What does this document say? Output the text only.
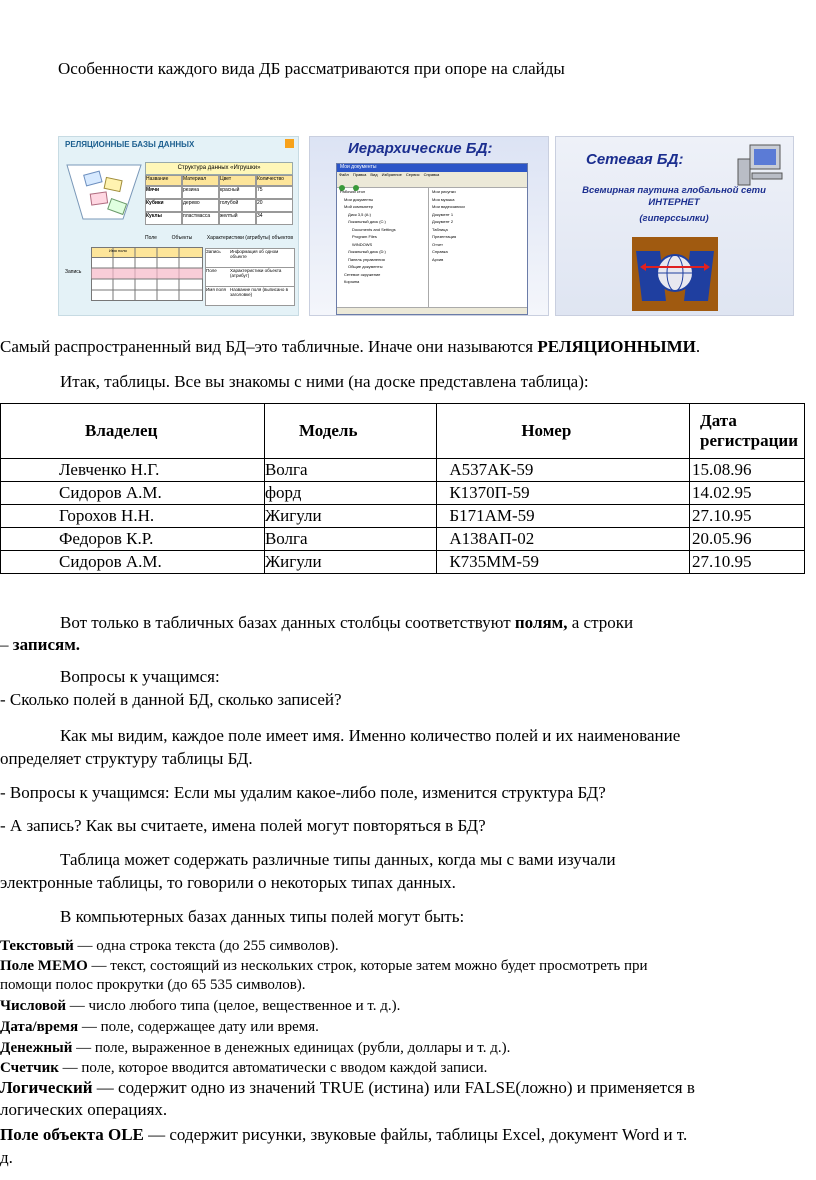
Особенности каждого вида ДБ рассматриваются при опоре на слайды
РЕЛЯЦИОННЫЕ БАЗЫ ДАННЫХ
Структура данных «Игрушки»
Название	Материал	Цвет	Количество
Мячи	резина	красный	75
Кубики	дерево	голубой	20
Куклы	пластмасса	желтый	34
Поле	Объекты	Характеристики (атрибуты) объектов
Запись
Имя поля	Запись	Информация об одном объекте
Поле	Характеристики объекта (атрибут)
Имя поля Название поля (выписано в заголовке)
Иерархические БД:
Мои документы
Файл Правка Вид Избранное Сервис Справка

Рабочий стол
Мои документы
Мой компьютер
Диск 3,5 (A:)
Локальный диск (C:)
Documents and Settings
Program Files
WINDOWS
Локальный диск (D:)
Панель управления
Общие документы
Сетевое окружение
Корзина
Мои рисунки
Моя музыка
Мои видеозаписи
Документ 1
Документ 2
Таблица
Презентация
Отчет
Справка
Архив
Сетевая БД:
Всемирная паутина глобальной сети
ИНТЕРНЕТ
(гиперссылки)
Самый распространенный вид БД–это табличные. Иначе они называются РЕЛЯЦИОННЫМИ.
Итак, таблицы. Все вы знакомы с ними (на доске представлена таблица):
Владелец	Модель	Номер	Дата регистрации
Левченко Н.Г.	Волга	А537АК-59	15.08.96
Сидоров А.М.	форд	К1370П-59	14.02.95
Горохов Н.Н.	Жигули	Б171АМ-59	27.10.95
Федоров К.Р.	Волга	А138АП-02	20.05.96
Сидоров А.М.	Жигули	К735ММ-59	27.10.95
Вот только в табличных базах данных столбцы соответствуют полям, а строки
– записям.
Вопросы к учащимся:
- Сколько полей в данной БД, сколько записей?
Как мы видим, каждое поле имеет имя. Именно количество полей и их наименование
определяет структуру таблицы БД.
- Вопросы к учащимся: Если мы удалим какое-либо поле, изменится структура БД?
- А запись? Как вы считаете, имена полей могут повторяться в БД?
Таблица может содержать различные типы данных, когда мы с вами изучали
электронные таблицы, то говорили о некоторых типах данных.
В компьютерных базах данных типы полей могут быть:
Текстовый — одна строка текста (до 255 символов).
Поле МЕМО — текст, состоящий из нескольких строк, которые затем можно будет просмотреть при
помощи полос прокрутки (до 65 535 символов).
Числовой — число любого типа (целое, вещественное и т. д.).
Дата/время — поле, содержащее дату или время.
Денежный — поле, выраженное в денежных единицах (рубли, доллары и т. д.).
Счетчик — поле, которое вводится автоматически с вводом каждой записи.
Логический — содержит одно из значений TRUE (истина) или FALSE(ложно) и применяется в
логических операциях.
Поле объекта OLE — содержит рисунки, звуковые файлы, таблицы Excel, документ Word и т.
д.
